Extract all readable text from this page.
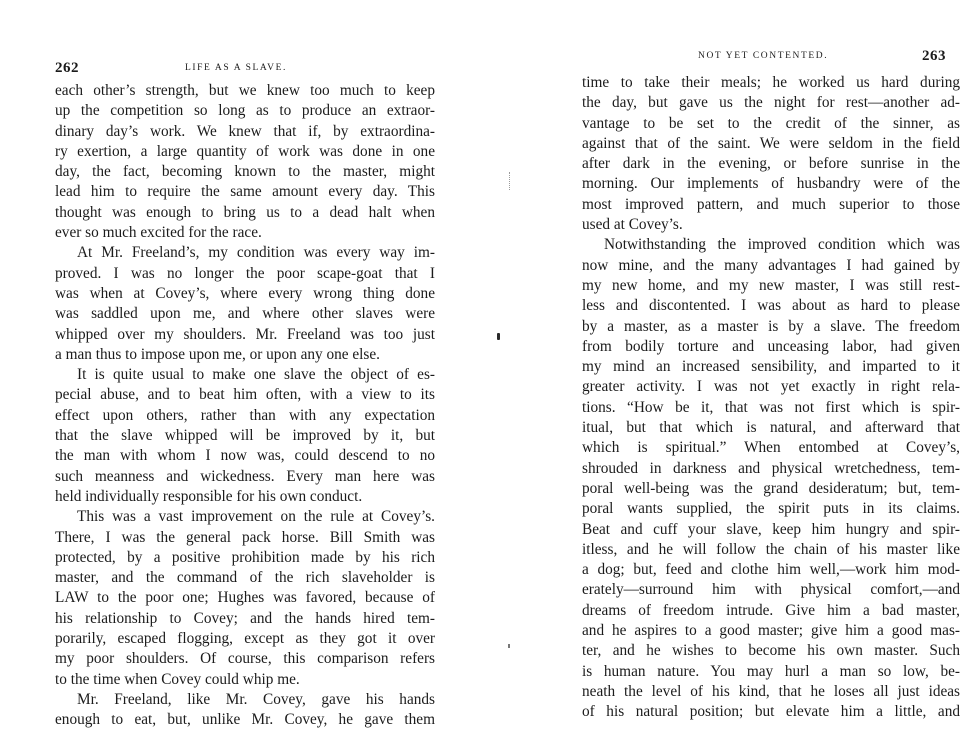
262	LIFE AS A SLAVE.
each other’s strength, but we knew too much to keep
up the competition so long as to produce an extraor-
dinary day’s work. We knew that if, by extraordina-
ry exertion, a large quantity of work was done in one
day, the fact, becoming known to the master, might
lead him to require the same amount every day. This
thought was enough to bring us to a dead halt when
ever so much excited for the race.
At Mr. Freeland’s, my condition was every way im-
proved. I was no longer the poor scape-goat that I
was when at Covey’s, where every wrong thing done
was saddled upon me, and where other slaves were
whipped over my shoulders. Mr. Freeland was too just
a man thus to impose upon me, or upon any one else.
It is quite usual to make one slave the object of es-
pecial abuse, and to beat him often, with a view to its
effect upon others, rather than with any expectation
that the slave whipped will be improved by it, but
the man with whom I now was, could descend to no
such meanness and wickedness. Every man here was
held individually responsible for his own conduct.
This was a vast improvement on the rule at Covey’s.
There, I was the general pack horse. Bill Smith was
protected, by a positive prohibition made by his rich
master, and the command of the rich slaveholder is
LAW to the poor one; Hughes was favored, because of
his relationship to Covey; and the hands hired tem-
porarily, escaped flogging, except as they got it over
my poor shoulders. Of course, this comparison refers
to the time when Covey could whip me.
Mr. Freeland, like Mr. Covey, gave his hands
enough to eat, but, unlike Mr. Covey, he gave them
NOT YET CONTENTED.	263
time to take their meals; he worked us hard during
the day, but gave us the night for rest—another ad-
vantage to be set to the credit of the sinner, as
against that of the saint. We were seldom in the field
after dark in the evening, or before sunrise in the
morning. Our implements of husbandry were of the
most improved pattern, and much superior to those
used at Covey’s.
Notwithstanding the improved condition which was
now mine, and the many advantages I had gained by
my new home, and my new master, I was still rest-
less and discontented. I was about as hard to please
by a master, as a master is by a slave. The freedom
from bodily torture and unceasing labor, had given
my mind an increased sensibility, and imparted to it
greater activity. I was not yet exactly in right rela-
tions. “How be it, that was not first which is spir-
itual, but that which is natural, and afterward that
which is spiritual.” When entombed at Covey’s,
shrouded in darkness and physical wretchedness, tem-
poral well-being was the grand desideratum; but, tem-
poral wants supplied, the spirit puts in its claims.
Beat and cuff your slave, keep him hungry and spir-
itless, and he will follow the chain of his master like
a dog; but, feed and clothe him well,—work him mod-
erately—surround him with physical comfort,—and
dreams of freedom intrude. Give him a bad master,
and he aspires to a good master; give him a good mas-
ter, and he wishes to become his own master. Such
is human nature. You may hurl a man so low, be-
neath the level of his kind, that he loses all just ideas
of his natural position; but elevate him a little, and
